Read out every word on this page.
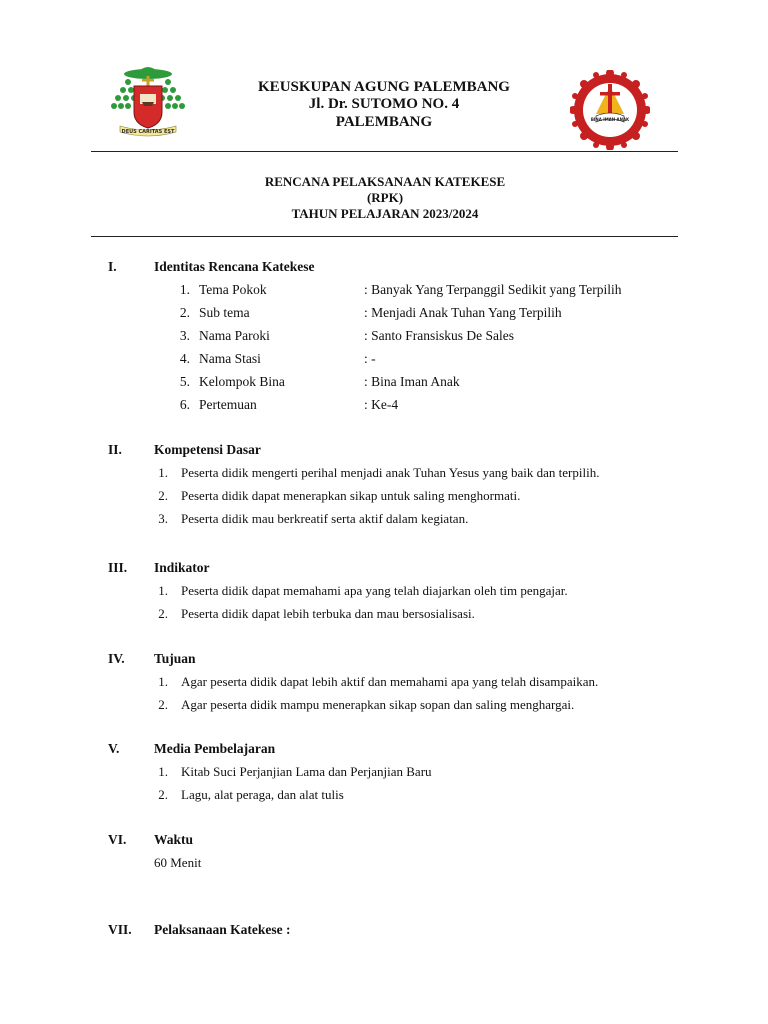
DEUS CARITAS EST
KEUSKUPAN AGUNG PALEMBANG
Jl. Dr. SUTOMO NO. 4
PALEMBANG	BINA IMAN ANAK
RENCANA PELAKSANAAN KATEKESE
(RPK)
TAHUN PELAJARAN 2023/2024
I.	Identitas Rencana Katekese
1. Tema Pokok	: Banyak Yang Terpanggil Sedikit yang Terpilih
2. Sub tema	: Menjadi Anak Tuhan Yang Terpilih
3. Nama Paroki	: Santo Fransiskus De Sales
4. Nama Stasi	: -
5. Kelompok Bina	: Bina Iman Anak
6. Pertemuan	: Ke-4
II. Kompetensi Dasar
1. Peserta didik mengerti perihal menjadi anak Tuhan Yesus yang baik dan terpilih.
2. Peserta didik dapat menerapkan sikap untuk saling menghormati.
3. Peserta didik mau berkreatif serta aktif dalam kegiatan.
III. Indikator
1. Peserta didik dapat memahami apa yang telah diajarkan oleh tim pengajar.
2. Peserta didik dapat lebih terbuka dan mau bersosialisasi.
IV. Tujuan
1. Agar peserta didik dapat lebih aktif dan memahami apa yang telah disampaikan.
2. Agar peserta didik mampu menerapkan sikap sopan dan saling menghargai.
V.	Media Pembelajaran
1. Kitab Suci Perjanjian Lama dan Perjanjian Baru
2. Lagu, alat peraga, dan alat tulis
VI. Waktu
60 Menit
VII. Pelaksanaan Katekese :
